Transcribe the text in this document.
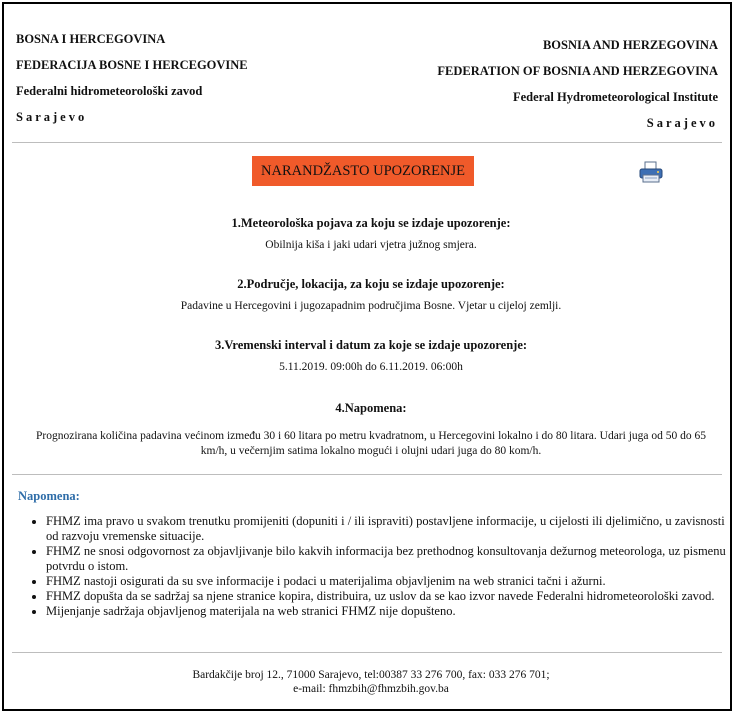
BOSNA I HERCEGOVINA
FEDERACIJA BOSNE I HERCEGOVINE
Federalni hidrometeorološki zavod
Sarajevo
BOSNIA AND HERZEGOVINA
FEDERATION OF BOSNIA AND HERZEGOVINA
Federal Hydrometeorological Institute
Sarajevo
NARANDŽASTO UPOZORENJE
1.Meteorološka pojava za koju se izdaje upozorenje:
Obilnija kiša i jaki udari vjetra južnog smjera.
2.Područje, lokacija, za koju se izdaje upozorenje:
Padavine u Hercegovini i jugozapadnim područjima Bosne. Vjetar u cijeloj zemlji.
3.Vremenski interval i datum za koje se izdaje upozorenje:
5.11.2019. 09:00h do 6.11.2019. 06:00h
4.Napomena:
Prognozirana količina padavina većinom između 30 i 60 litara po metru kvadratnom, u Hercegovini lokalno i do 80 litara. Udari juga od 50 do 65 km/h, u večernjim satima lokalno mogući i olujni udari juga do 80 kom/h.
Napomena:
• FHMZ ima pravo u svakom trenutku promijeniti (dopuniti i / ili ispraviti) postavljene informacije, u cijelosti ili djelimično, u zavisnosti od razvoju vremenske situacije.
• FHMZ ne snosi odgovornost za objavljivanje bilo kakvih informacija bez prethodnog konsultovanja dežurnog meteorologa, uz pismenu potvrdu o istom.
• FHMZ nastoji osigurati da su sve informacije i podaci u materijalima objavljenim na web stranici tačni i ažurni.
• FHMZ dopušta da se sadržaj sa njene stranice kopira, distribuira, uz uslov da se kao izvor navede Federalni hidrometeorološki zavod.
• Mijenjanje sadržaja objavljenog materijala na web stranici FHMZ nije dopušteno.
Bardakčije broj 12., 71000 Sarajevo, tel:00387 33 276 700, fax: 033 276 701;
e-mail: fhmzbih@fhmzbih.gov.ba
